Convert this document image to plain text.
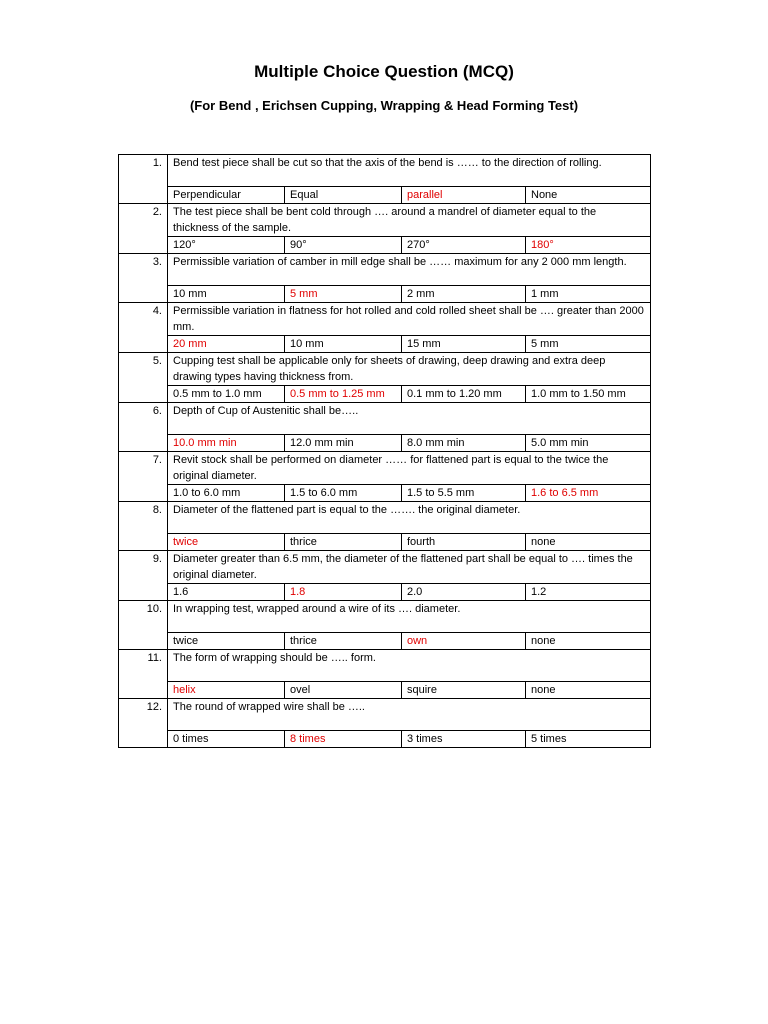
Multiple Choice Question (MCQ)
(For Bend , Erichsen Cupping, Wrapping & Head Forming Test)
1.	Bend test piece shall be cut so that the axis of the bend is …… to the direction of rolling.			
	Perpendicular	Equal	parallel	None
2.	The test piece shall be bent cold through …. around a mandrel of diameter equal to the thickness of the sample.			
	120°	90°	270°	180°
3.	Permissible variation of camber in mill edge shall be …… maximum for any 2 000 mm length.			
	10 mm	5 mm	2 mm	1 mm
4.	Permissible variation in flatness for hot rolled and cold rolled sheet shall be …. greater than 2000 mm.			
	20 mm	10 mm	15 mm	5 mm
5.	Cupping test shall be applicable only for sheets of drawing, deep drawing and extra deep drawing types having thickness from.			
	0.5 mm to 1.0 mm	0.5 mm to 1.25 mm	0.1 mm to 1.20 mm	1.0 mm to 1.50 mm
6.	Depth of Cup of Austenitic shall be…..			
	10.0 mm min	12.0 mm min	8.0 mm min	5.0 mm min
7.	Revit stock shall be performed on diameter …… for flattened part is equal to the twice the original diameter.			
	1.0 to 6.0 mm	1.5 to 6.0 mm	1.5 to 5.5 mm	1.6 to 6.5 mm
8.	Diameter of the flattened part is equal to the ……. the original diameter.			
	twice	thrice	fourth	none
9.	Diameter greater than 6.5 mm, the diameter of the flattened part shall be equal to …. times the original diameter.			
	1.6	1.8	2.0	1.2
10.	In wrapping test, wrapped around a wire of its …. diameter.			
	twice	thrice	own	none
11.	The form of wrapping should be ….. form.			
	helix	ovel	squire	none
12.	The round of wrapped wire shall be …..			
	0 times	8 times	3 times	5 times
